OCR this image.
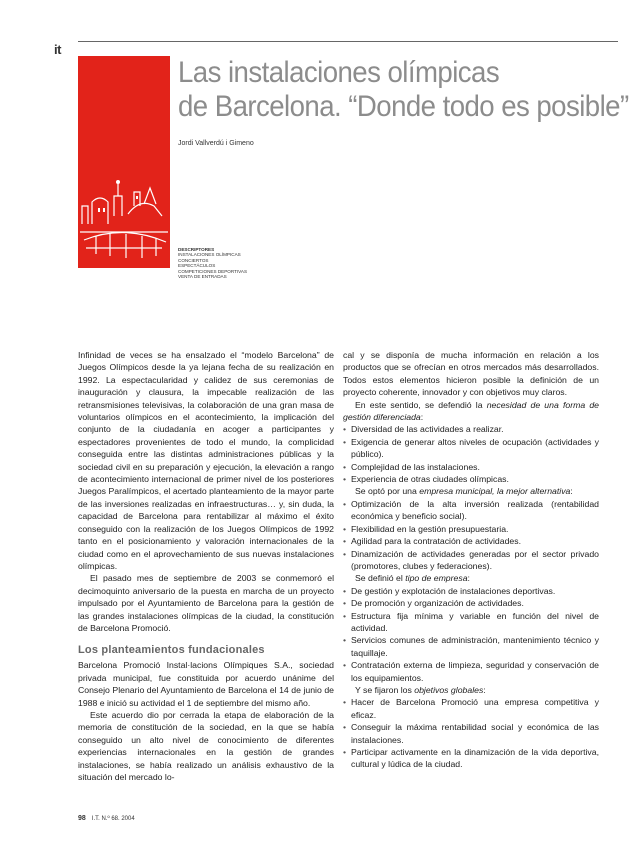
it
Las instalaciones olímpicas
de Barcelona. “Donde todo es posible”
Jordi Vallverdú i Gimeno
DESCRIPTORES
INSTALACIONES OLÍMPICAS
CONCIERTOS
ESPECTÁCULOS
COMPETICIONES DEPORTIVAS
VENTA DE ENTRADAS

Infinidad de veces se ha ensalzado el “modelo Barcelona” de Juegos Olímpicos desde la ya lejana fecha de su realización en 1992. La espectacularidad y calidez de sus ceremonias de inauguración y clausura, la impecable realización de las retransmisiones televisivas, la colaboración de una gran masa de voluntarios olímpicos en el acontecimiento, la implicación del conjunto de la ciudadanía en acoger a participantes y espectadores provenientes de todo el mundo, la complicidad conseguida entre las distintas administraciones públicas y la sociedad civil en su preparación y ejecución, la elevación a rango de acontecimiento internacional de primer nivel de los posteriores Juegos Paralímpicos, el acertado planteamiento de la mayor parte de las inversiones realizadas en infraestructuras… y, sin duda, la capacidad de Barcelona para rentabilizar al máximo el éxito conseguido con la realización de los Juegos Olímpicos de 1992 tanto en el posicionamiento y valoración internacionales de la ciudad como en el aprovechamiento de sus nuevas instalaciones olímpicas.

El pasado mes de septiembre de 2003 se conmemoró el decimoquinto aniversario de la puesta en marcha de un proyecto impulsado por el Ayuntamiento de Barcelona para la gestión de las grandes instalaciones olímpicas de la ciudad, la constitución de Barcelona Promoció.

Los planteamientos fundacionales

Barcelona Promoció Instal·lacions Olímpiques S.A., sociedad privada municipal, fue constituida por acuerdo unánime del Consejo Plenario del Ayuntamiento de Barcelona el 14 de junio de 1988 e inició su actividad el 1 de septiembre del mismo año.

Este acuerdo dio por cerrada la etapa de elaboración de la memoria de constitución de la sociedad, en la que se había conseguido un alto nivel de conocimiento de diferentes experiencias internacionales en la gestión de grandes instalaciones, se había realizado un análisis exhaustivo de la situación del mercado lo-

cal y se disponía de mucha información en relación a los productos que se ofrecían en otros mercados más desarrollados. Todos estos elementos hicieron posible la definición de un proyecto coherente, innovador y con objetivos muy claros.

En este sentido, se defendió la necesidad de una forma de gestión diferenciada:

• Diversidad de las actividades a realizar.
• Exigencia de generar altos niveles de ocupación (actividades y público).
• Complejidad de las instalaciones.
• Experiencia de otras ciudades olímpicas.

Se optó por una empresa municipal, la mejor alternativa:

• Optimización de la alta inversión realizada (rentabilidad económica y beneficio social).
• Flexibilidad en la gestión presupuestaria.
• Agilidad para la contratación de actividades.
• Dinamización de actividades generadas por el sector privado (promotores, clubes y federaciones).

Se definió el tipo de empresa:

• De gestión y explotación de instalaciones deportivas.
• De promoción y organización de actividades.
• Estructura fija mínima y variable en función del nivel de actividad.
• Servicios comunes de administración, mantenimiento técnico y taquillaje.
• Contratación externa de limpieza, seguridad y conservación de los equipamientos.

Y se fijaron los objetivos globales:

• Hacer de Barcelona Promoció una empresa competitiva y eficaz.
• Conseguir la máxima rentabilidad social y económica de las instalaciones.
• Participar activamente en la dinamización de la vida deportiva, cultural y lúdica de la ciudad.
98 I.T. N.º 68. 2004
